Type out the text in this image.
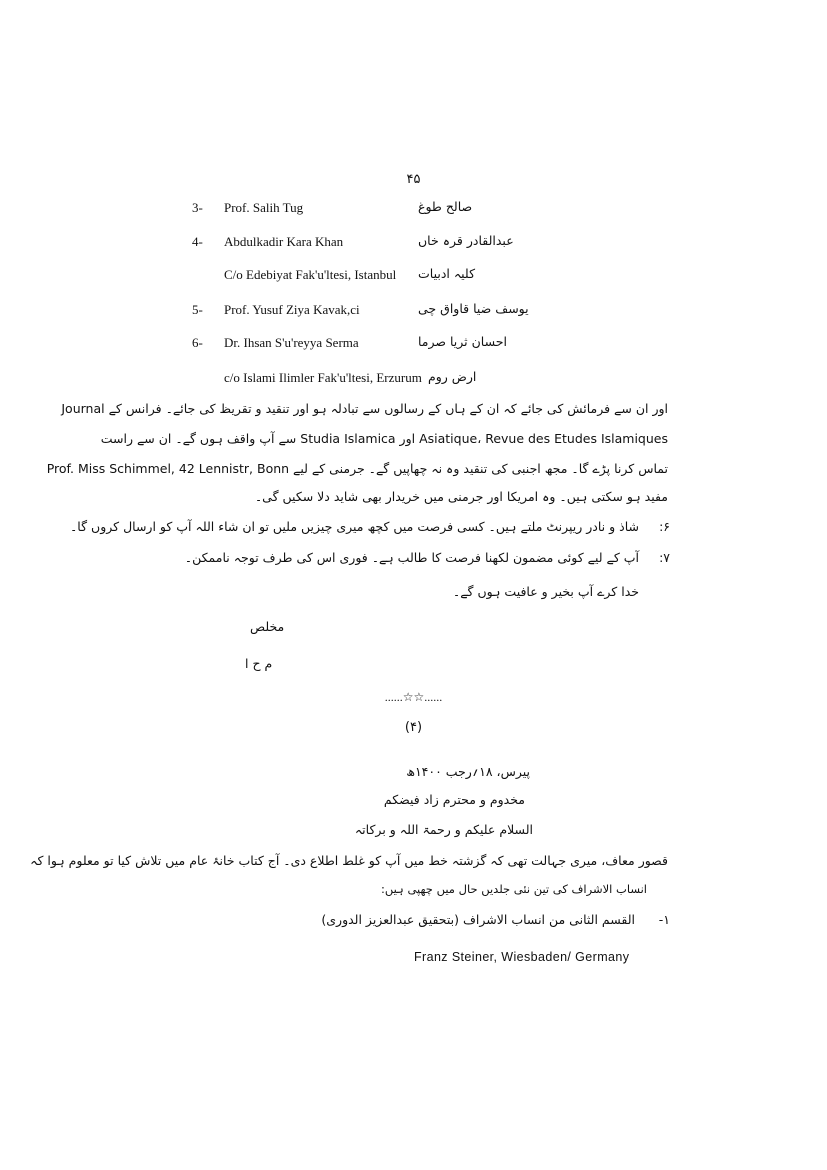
۴۵
3- Prof. Salih Tug	صالح طوغ
4- Abdulkadir Kara Khan	عبدالقادر قرہ خاں
C/o Edebiyat Fak'u'ltesi, Istanbul کلیہ ادبیات
5- Prof. Yusuf Ziya Kavak,ci	یوسف ضیا قاواق چی
6- Dr. Ihsan S'u'reyya Serma	احسان ثریا صرما
c/o Islami Ilimler Fak'u'ltesi, Erzurum ارض روم
اور ان سے فرمائش کی جائے کہ ان کے ہاں کے رسالوں سے تبادلہ ہو اور تنقید و تقریظ کی جائے۔ فرانس کے Journal
Asiatique، Revue des Etudes Islamiques اور Studia Islamica سے آپ واقف ہوں گے۔ ان سے راست
تماس کرنا پڑے گا۔ مجھ اجنبی کی تنقید وہ نہ چھاپیں گے۔ جرمنی کے لیے Prof. Miss Schimmel, 42 Lennistr, Bonn
مفید ہو سکتی ہیں۔ وہ امریکا اور جرمنی میں خریدار بھی شاید دلا سکیں گی۔
۶:
شاذ و نادر ریپرنٹ ملتے ہیں۔ کسی فرصت میں کچھ میری چیزیں ملیں تو ان شاء اللہ آپ کو ارسال کروں گا۔
۷:
آپ کے لیے کوئی مضمون لکھنا فرصت کا طالب ہے۔ فوری اس کی طرف توجہ ناممکن۔
خدا کرے آپ بخیر و عافیت ہوں گے۔
مخلص
م ح ا
......☆☆......
(۴)
پیرس، ۱۸؍رجب ۱۴۰۰ھ
مخدوم و محترم زاد فیضکم
السلام علیکم و رحمۃ اللہ و برکاتہ
قصور معاف، میری جہالت تھی کہ گزشتہ خط میں آپ کو غلط اطلاع دی۔ آج کتاب خانۂ عام میں تلاش کیا تو معلوم ہوا کہ
انساب الاشراف کی تین نئی جلدیں حال میں چھپی ہیں:
۱-
القسم الثانی من انساب الاشراف (بتحقیق عبدالعزیز الدوری)
Franz Steiner, Wiesbaden/ Germany
